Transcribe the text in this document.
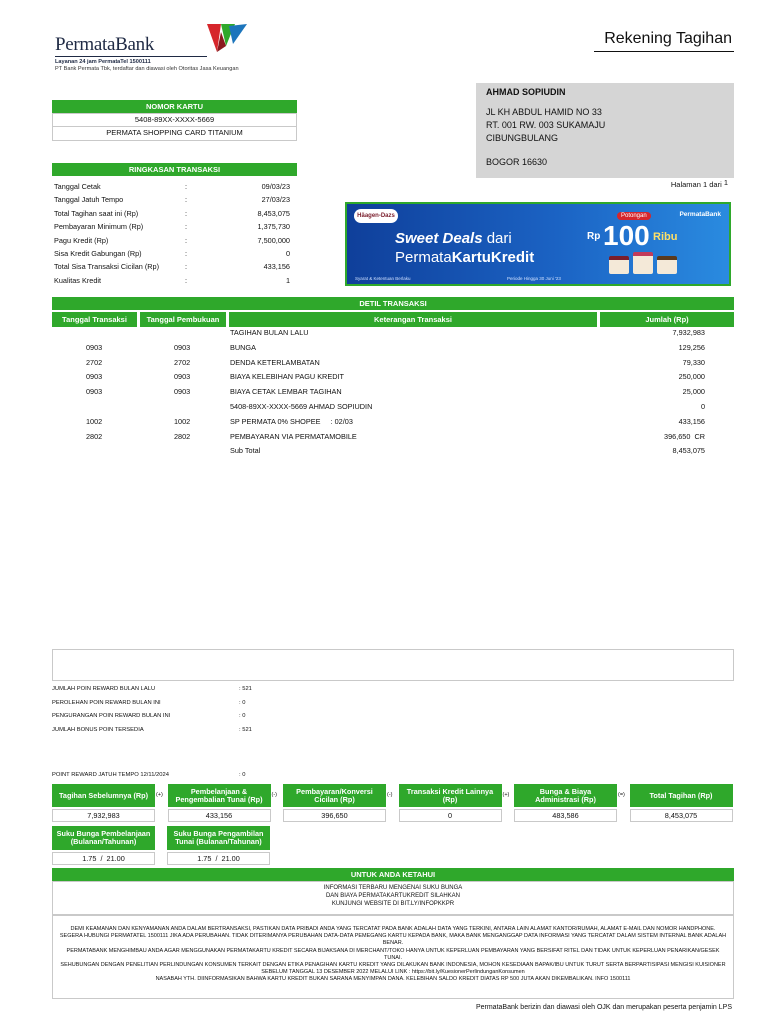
PermataBank
Layanan 24 jam PermataTel 1500111
PT Bank Permata Tbk, terdaftar dan diawasi oleh Otoritas Jasa Keuangan
Rekening Tagihan
NOMOR KARTU
5408-89XX-XXXX-5669
PERMATA SHOPPING CARD TITANIUM
AHMAD SOPIUDIN
JL KH ABDUL HAMID NO 33
RT. 001 RW. 003 SUKAMAJU
CIBUNGBULANG
BOGOR 16630
Halaman 1 dari 1
RINGKASAN TRANSAKSI
Tanggal Cetak	:	09/03/23
Tanggal Jatuh Tempo	:	27/03/23
Total Tagihan saat ini (Rp)	:	8,453,075
Pembayaran Minimum (Rp)	:	1,375,730
Pagu Kredit (Rp)	:	7,500,000
Sisa Kredit Gabungan (Rp)	:	0
Total Sisa Transaksi Cicilan (Rp)	:	433,156
Kualitas Kredit	:	1
Häagen-Dazs
Sweet Deals dari
PermataKartuKredit
Potongan
Rp 100 Ribu
PermataBank
Syarat & Ketentuan Berlaku	Periode Hingga 30 Juni '23
DETIL TRANSAKSI
Tanggal Transaksi	Tanggal Pembukuan	Keterangan Transaksi	Jumlah (Rp)
TAGIHAN BULAN LALU	7,932,983
0903	0903	BUNGA	129,256
2702	2702	DENDA KETERLAMBATAN	79,330
0903	0903	BIAYA KELEBIHAN PAGU KREDIT	250,000
0903	0903	BIAYA CETAK LEMBAR TAGIHAN	25,000
5408-89XX-XXXX-5669 AHMAD SOPIUDIN	0
1002	1002	SP PERMATA 0% SHOPEE     : 02/03	433,156
2802	2802	PEMBAYARAN VIA PERMATAMOBILE	396,650  CR
Sub Total	8,453,075
JUMLAH POIN REWARD BULAN LALU	: 521
PEROLEHAN POIN REWARD BULAN INI	: 0
PENGURANGAN POIN REWARD BULAN INI	: 0
JUMLAH BONUS POIN TERSEDIA	: 521
POINT REWARD JATUH TEMPO 12/11/2024	: 0
Tagihan Sebelumnya (Rp)
7,932,983
(+)	Pembelanjaan & Pengembalian Tunai (Rp)
433,156
(-)	Pembayaran/Konversi Cicilan (Rp)
396,650
(-)	Transaksi Kredit Lainnya (Rp)
0
(+)	Bunga & Biaya Administrasi (Rp)
483,586
(=)	Total Tagihan (Rp)
8,453,075
Suku Bunga Pembelanjaan (Bulanan/Tahunan)
1.75  /  21.00
Suku Bunga Pengambilan Tunai (Bulanan/Tahunan)
1.75  /  21.00
UNTUK ANDA KETAHUI
INFORMASI TERBARU MENGENAI SUKU BUNGA
DAN BIAYA PERMATAKARTUKREDIT SILAHKAN
KUNJUNGI WEBSITE DI BIT.LY/INFOPKKPR
DEMI KEAMANAN DAN KENYAMANAN ANDA DALAM BERTRANSAKSI, PASTIKAN DATA PRIBADI ANDA YANG TERCATAT PADA BANK ADALAH DATA YANG TERKINI, ANTARA LAIN ALAMAT KANTOR/RUMAH, ALAMAT E-MAIL DAN NOMOR HANDPHONE. SEGERA HUBUNGI PERMATATEL 1500111 JIKA ADA PERUBAHAN. TIDAK DITERIMANYA PERUBAHAN DATA-DATA PEMEGANG KARTU KEPADA BANK, MAKA BANK MENGANGGAP DATA INFORMASI YANG TERCATAT DALAM SISTEM INTERNAL BANK ADALAH BENAR.
PERMATABANK MENGHIMBAU ANDA AGAR MENGGUNAKAN PERMATAKARTU KREDIT SECARA BIJAKSANA DI MERCHANT/TOKO HANYA UNTUK KEPERLUAN PEMBAYARAN YANG BERSIFAT RITEL DAN TIDAK UNTUK KEPERLUAN PENARIKAN/GESEK TUNAI.
SEHUBUNGAN DENGAN PENELITIAN PERLINDUNGAN KONSUMEN TERKAIT DENGAN ETIKA PENAGIHAN KARTU KREDIT YANG DILAKUKAN BANK INDONESIA, MOHON KESEDIAAN BAPAK/IBU UNTUK TURUT SERTA BERPARTISIPASI MENGISI KUISIONER SEBELUM TANGGAL 13 DESEMBER 2022 MELALUI LINK : https://bit.ly/KuesionerPerlindunganKonsumen
NASABAH YTH. DIINFORMASIKAN BAHWA KARTU KREDIT BUKAN SARANA MENYIMPAN DANA. KELEBIHAN SALDO KREDIT DIATAS RP 500 JUTA AKAN DIKEMBALIKAN. INFO 1500111
PermataBank berizin dan diawasi oleh OJK dan merupakan peserta penjamin LPS
